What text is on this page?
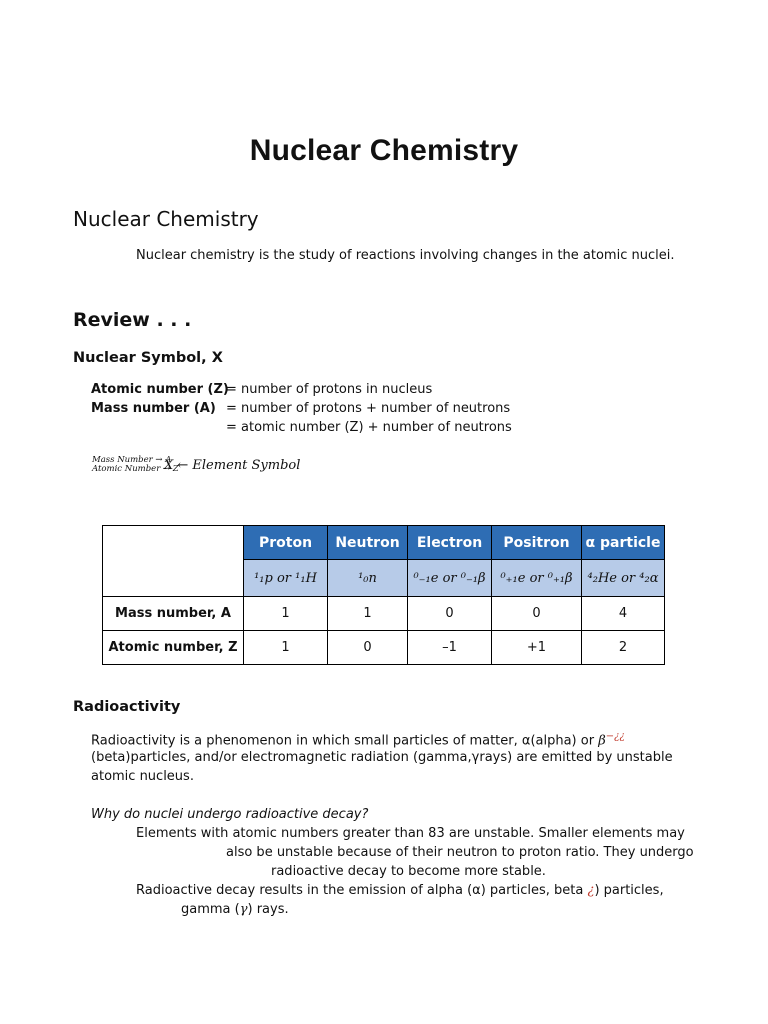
Nuclear Chemistry
Nuclear Chemistry
Nuclear chemistry is the study of reactions involving changes in the atomic nuclei.
Review . . .
Nuclear Symbol, X
Atomic number (Z)
= number of protons in nucleus
Mass number (A) = number of protons + number of neutrons
= atomic number (Z) + number of neutrons
Mass Number → A
Atomic Number → Z
X ← Element Symbol
	Proton	Neutron	Electron	Positron	α particle
	¹₁p or ¹₁H	¹₀n	⁰₋₁e or ⁰₋₁β	⁰₊₁e or ⁰₊₁β	⁴₂He or ⁴₂α
Mass number, A	1	1	0	0	4
Atomic number, Z	1	0	–1	+1	2
Radioactivity
Radioactivity is a phenomenon in which small particles of matter, α(alpha) or β−¿¿
(beta)particles, and/or electromagnetic radiation (gamma,γrays) are emitted by unstable
atomic nucleus.
Why do nuclei undergo radioactive decay?
Elements with atomic numbers greater than 83 are unstable. Smaller elements may
also be unstable because of their neutron to proton ratio. They undergo
radioactive decay to become more stable.
Radioactive decay results in the emission of alpha (α) particles, beta ¿) particles,
gamma (γ) rays.
